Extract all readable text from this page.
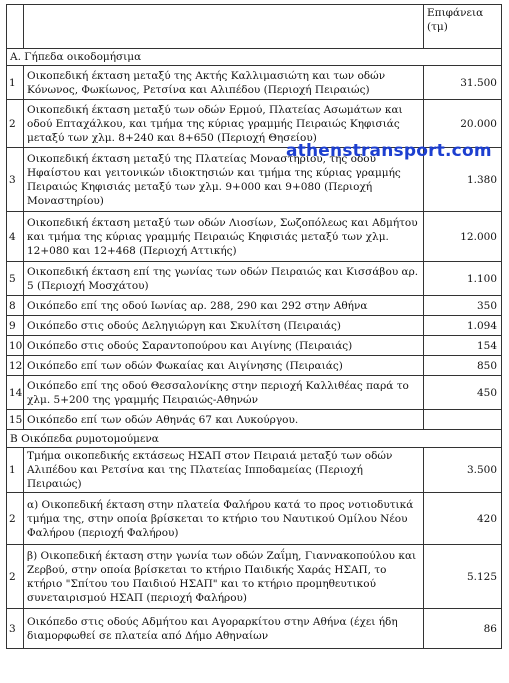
		Επιφάνεια (τμ)
Α. Γήπεδα οικοδομήσιμα		
1	Οικοπεδική έκταση μεταξύ της Ακτής Καλλιμασιώτη και των οδών Κόνωνος, Φωκίωνος, Ρετσίνα και Αλιπέδου (Περιοχή Πειραιώς)	31.500
2	Οικοπεδική έκταση μεταξύ των οδών Ερμού, Πλατείας Ασωμάτων και οδού Επταχάλκου, και τμήμα της κύριας γραμμής Πειραιώς Κηφισιάς μεταξύ των χλμ. 8+240 και 8+650 (Περιοχή Θησείου)	20.000
3	Οικοπεδική έκταση μεταξύ της Πλατείας Μοναστηρίου, της οδού Ηφαίστου και γειτονικών ιδιοκτησιών και τμήμα της κύριας γραμμής Πειραιώς Κηφισιάς μεταξύ των χλμ. 9+000 και 9+080 (Περιοχή Μοναστηρίου)	1.380
4	Οικοπεδική έκταση μεταξύ των οδών Λιοσίων, Σωζοπόλεως και Αδμήτου και τμήμα της κύριας γραμμής Πειραιώς Κηφισιάς μεταξύ των χλμ. 12+080 και 12+468 (Περιοχή Αττικής)	12.000
5	Οικοπεδική έκταση επί της γωνίας των οδών Πειραιώς και Κισσάβου αρ. 5 (Περιοχή Μοσχάτου)	1.100
8	Οικόπεδο επί της οδού Ιωνίας αρ. 288, 290 και 292 στην Αθήνα	350
9	Οικόπεδο στις οδούς Δεληγιώργη και Σκυλίτση (Πειραιάς)	1.094
10	Οικόπεδο στις οδούς Σαραντοπούρου και Αιγίνης (Πειραιάς)	154
12	Οικόπεδο επί των οδών Φωκαίας και Αιγίνησης (Πειραιάς)	850
14	Οικόπεδο επί της οδού Θεσσαλονίκης στην περιοχή Καλλιθέας παρά το χλμ. 5+200 της γραμμής Πειραιώς-Αθηνών	450
15	Οικόπεδο επί των οδών Αθηνάς 67 και Λυκούργου.	
Β Οικόπεδα ρυμοτομούμενα		
1	Τμήμα οικοπεδικής εκτάσεως ΗΣΑΠ στον Πειραιά μεταξύ των οδών Αλιπέδου και Ρετσίνα και της Πλατείας Ιπποδαμείας (Περιοχή Πειραιώς)	3.500
2	α) Οικοπεδική έκταση στην πλατεία Φαλήρου κατά το προς νοτιοδυτικά τμήμα της, στην οποία βρίσκεται το κτήριο του Ναυτικού Ομίλου Νέου Φαλήρου (περιοχή Φαλήρου)	420
2	β) Οικοπεδική έκταση στην γωνία των οδών Ζαΐμη, Γιαννακοπούλου και Ζερβού, στην οποία βρίσκεται το κτήριο Παιδικής Χαράς ΗΣΑΠ, το κτήριο "Σπίτου του Παιδιού ΗΣΑΠ" και το κτήριο προμηθευτικού συνεταιρισμού ΗΣΑΠ (περιοχή Φαλήρου)	5.125
3	Οικόπεδο στις οδούς Αδμήτου και Αγοραρκίτου στην Αθήνα (έχει ήδη διαμορφωθεί σε πλατεία από Δήμο Αθηναίων	86
athenstransport.com
